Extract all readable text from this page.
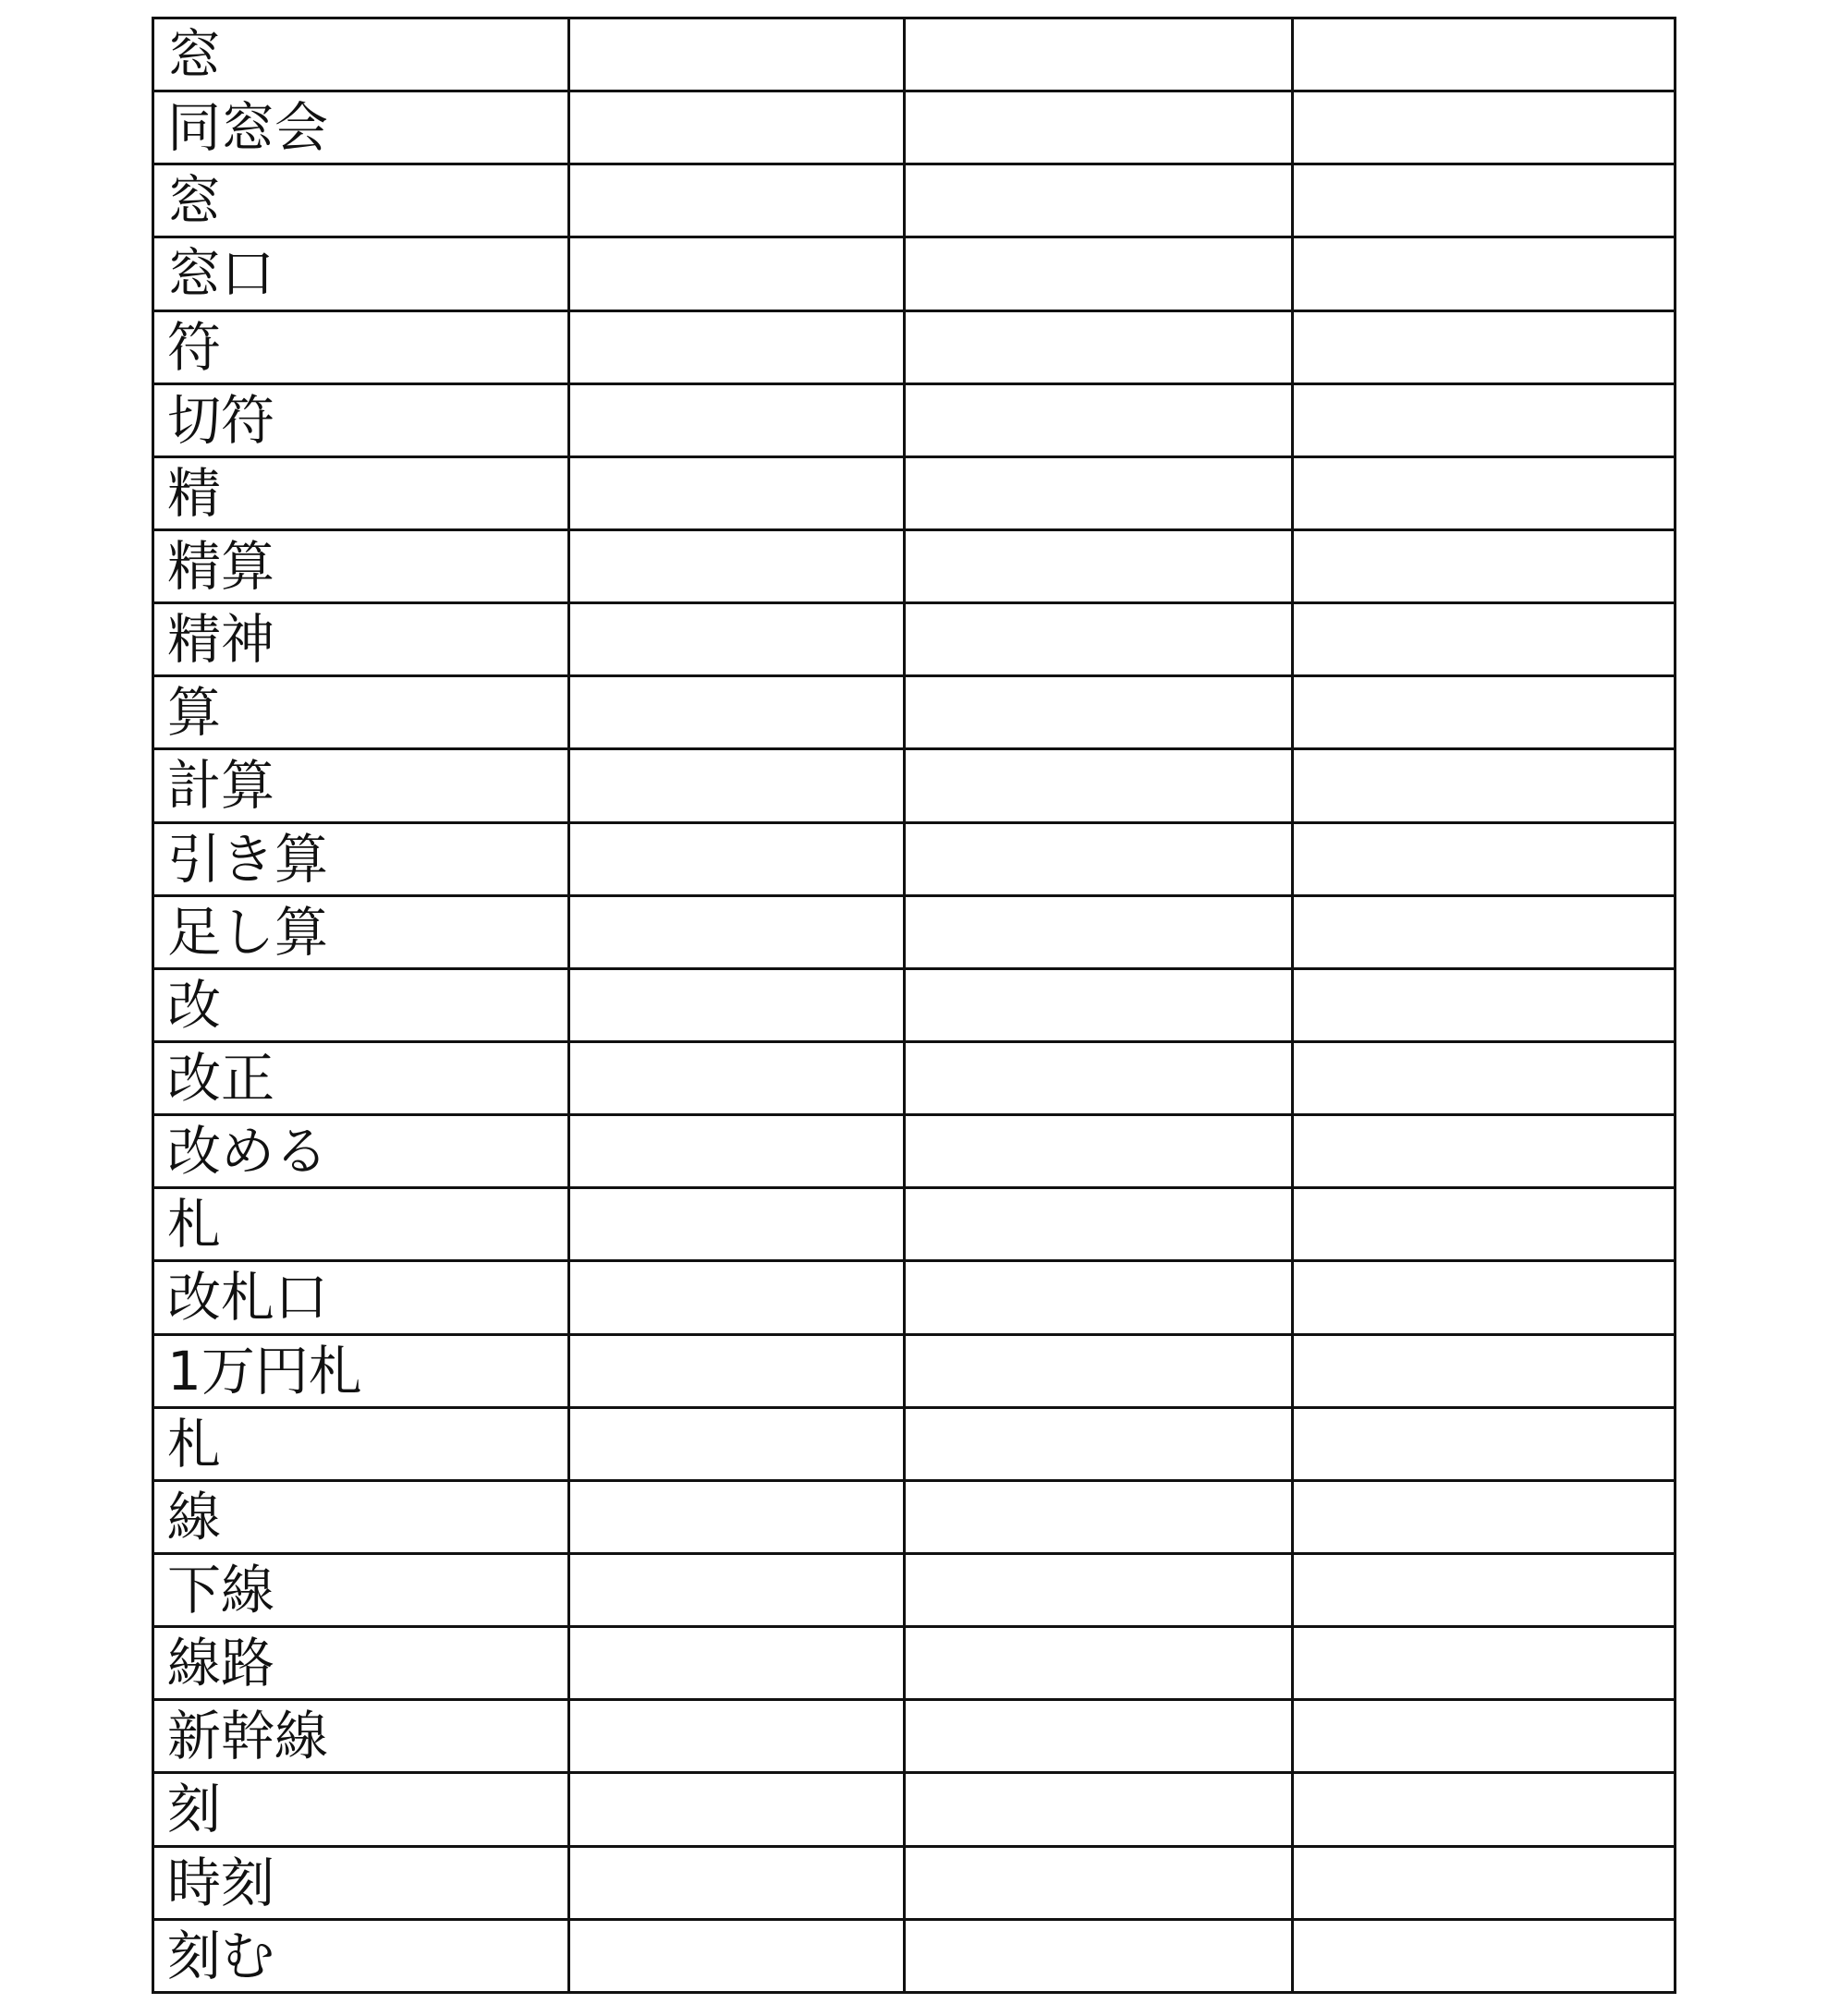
窓			
同窓会			
窓			
窓口			
符			
切符			
精			
精算			
精神			
算			
計算			
引き算			
足し算			
改			
改正			
改める			
札			
改札口			
1万円札			
札			
線			
下線			
線路			
新幹線			
刻			
時刻			
刻む			
